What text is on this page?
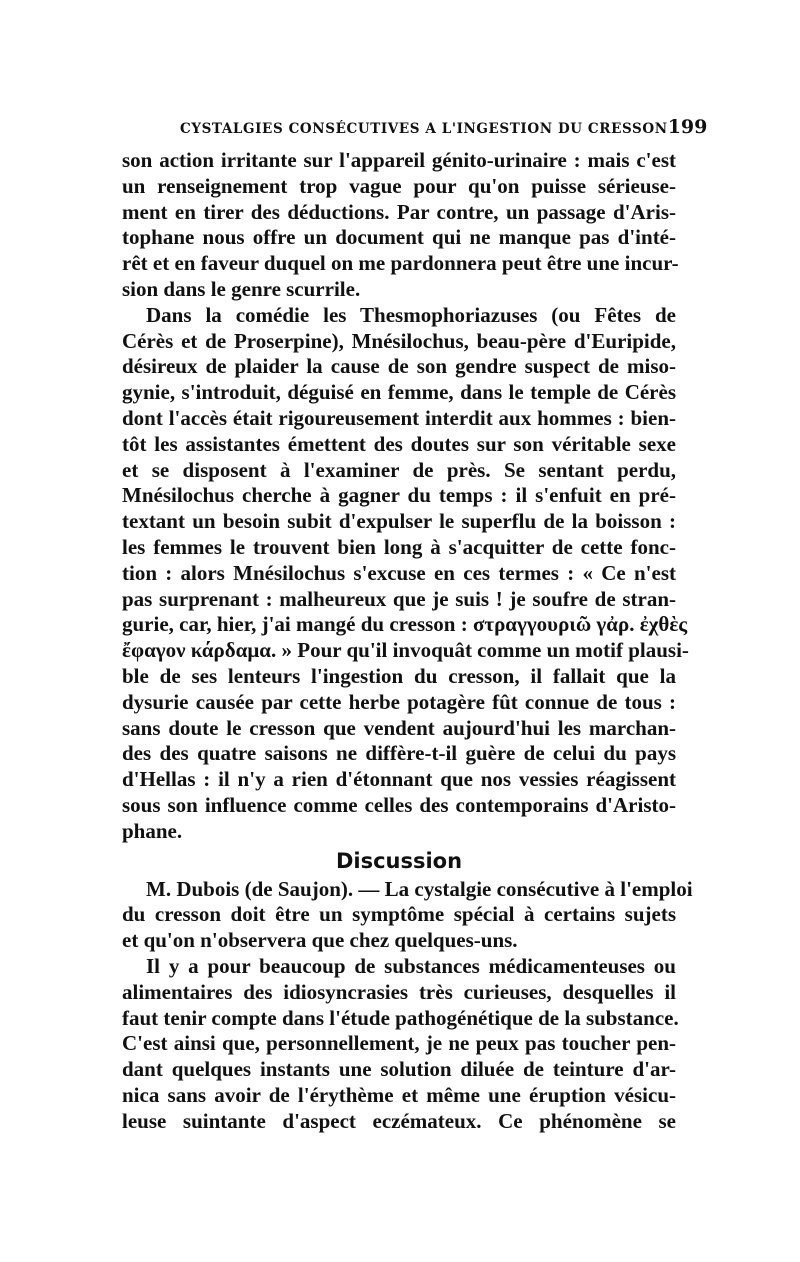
CYSTALGIES CONSÉCUTIVES A L'INGESTION DU CRESSON 199
son action irritante sur l'appareil génito-urinaire : mais c'est
un renseignement trop vague pour qu'on puisse sérieuse-
ment en tirer des déductions. Par contre, un passage d'Aris-
tophane nous offre un document qui ne manque pas d'inté-
rêt et en faveur duquel on me pardonnera peut être une incur-
sion dans le genre scurrile.
Dans la comédie les Thesmophoriazuses (ou Fêtes de
Cérès et de Proserpine), Mnésilochus, beau-père d'Euripide,
désireux de plaider la cause de son gendre suspect de miso-
gynie, s'introduit, déguisé en femme, dans le temple de Cérès
dont l'accès était rigoureusement interdit aux hommes : bien-
tôt les assistantes émettent des doutes sur son véritable sexe
et se disposent à l'examiner de près. Se sentant perdu,
Mnésilochus cherche à gagner du temps : il s'enfuit en pré-
textant un besoin subit d'expulser le superflu de la boisson :
les femmes le trouvent bien long à s'acquitter de cette fonc-
tion : alors Mnésilochus s'excuse en ces termes : « Ce n'est
pas surprenant : malheureux que je suis ! je soufre de stran-
gurie, car, hier, j'ai mangé du cresson : στραγγουριῶ γἀρ. ἐχθὲς
ἔφαγον κάρδαμα. » Pour qu'il invoquât comme un motif plausi-
ble de ses lenteurs l'ingestion du cresson, il fallait que la
dysurie causée par cette herbe potagère fût connue de tous :
sans doute le cresson que vendent aujourd'hui les marchan-
des des quatre saisons ne diffère-t-il guère de celui du pays
d'Hellas : il n'y a rien d'étonnant que nos vessies réagissent
sous son influence comme celles des contemporains d'Aristo-
phane.
Discussion
M. Dubois (de Saujon). — La cystalgie consécutive à l'emploi
du cresson doit être un symptôme spécial à certains sujets
et qu'on n'observera que chez quelques-uns.
Il y a pour beaucoup de substances médicamenteuses ou
alimentaires des idiosyncrasies très curieuses, desquelles il
faut tenir compte dans l'étude pathogénétique de la substance.
C'est ainsi que, personnellement, je ne peux pas toucher pen-
dant quelques instants une solution diluée de teinture d'ar-
nica sans avoir de l'érythème et même une éruption vésicu-
leuse suintante d'aspect eczémateux. Ce phénomène se
